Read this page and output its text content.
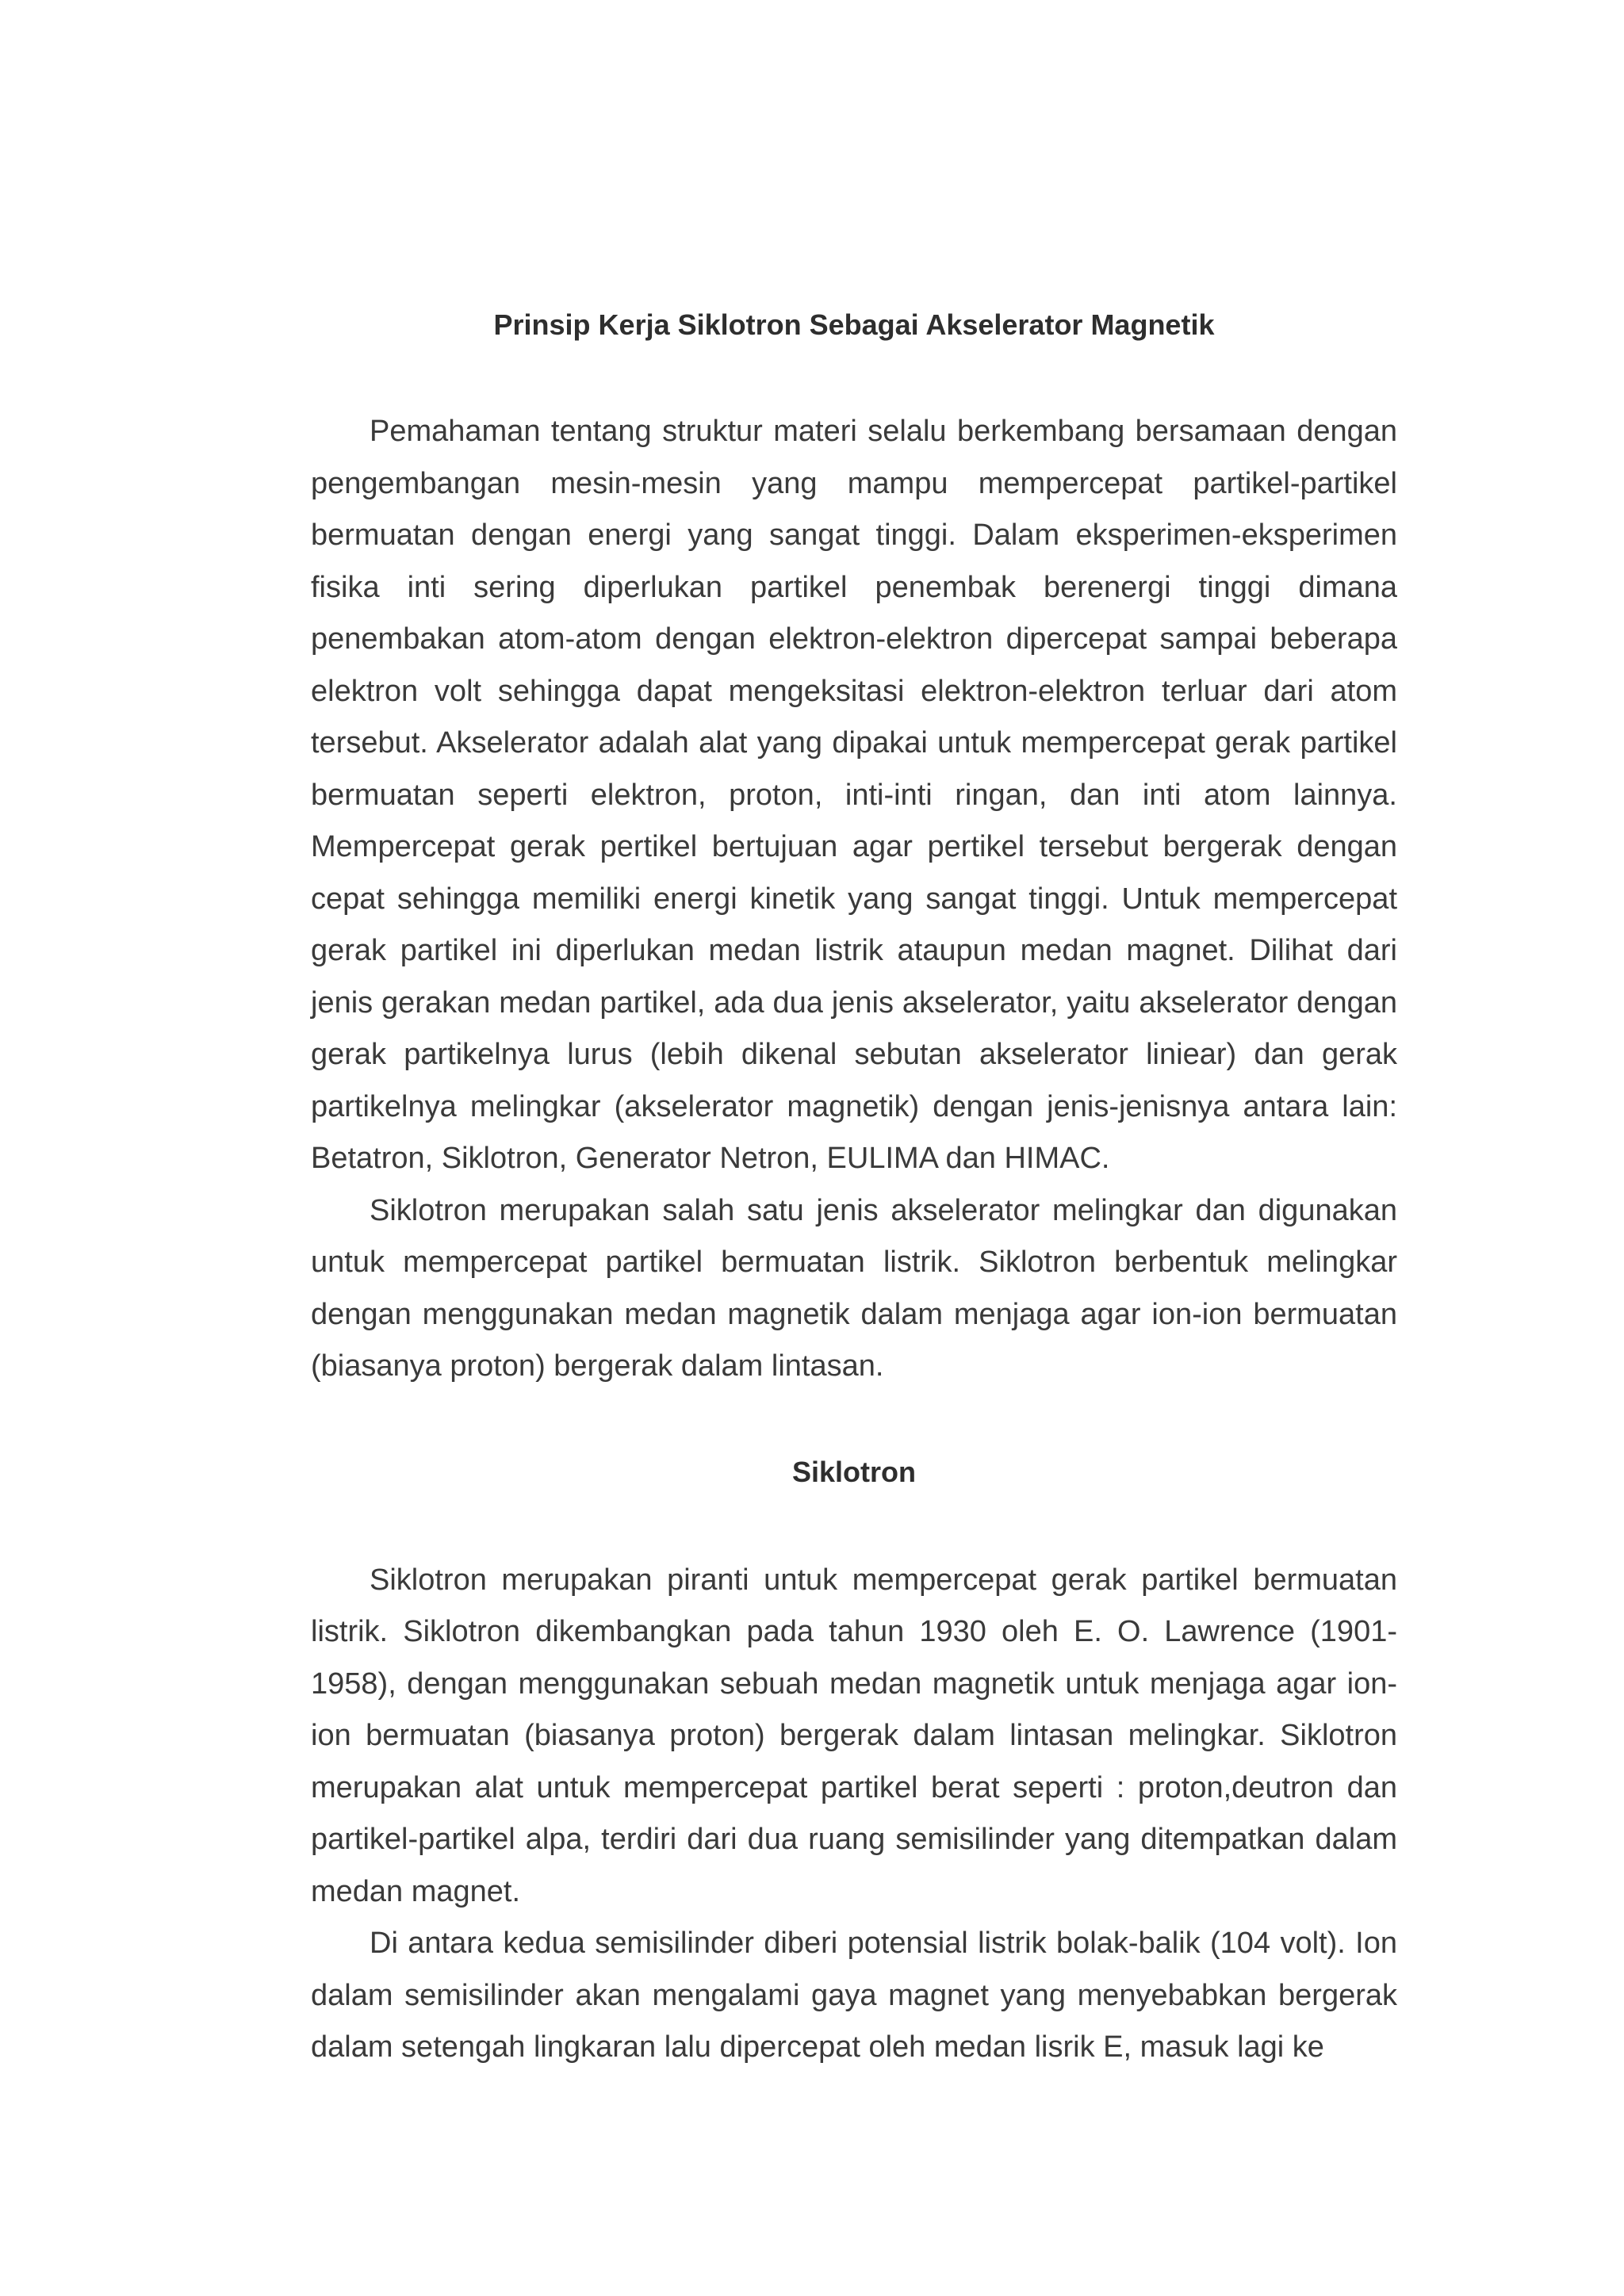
Prinsip Kerja Siklotron Sebagai Akselerator Magnetik

Pemahaman tentang struktur materi selalu berkembang bersamaan dengan pengembangan mesin-mesin yang mampu mempercepat partikel-partikel bermuatan dengan energi yang sangat tinggi. Dalam eksperimen-eksperimen fisika inti sering diperlukan partikel penembak berenergi tinggi dimana penembakan atom-atom dengan elektron-elektron dipercepat sampai beberapa elektron volt sehingga dapat mengeksitasi elektron-elektron terluar dari atom tersebut. Akselerator adalah alat yang dipakai untuk mempercepat gerak partikel bermuatan seperti elektron, proton, inti-inti ringan, dan inti atom lainnya. Mempercepat gerak pertikel bertujuan agar pertikel tersebut bergerak dengan cepat sehingga memiliki energi kinetik yang sangat tinggi. Untuk mempercepat gerak partikel ini diperlukan medan listrik ataupun medan magnet. Dilihat dari jenis gerakan medan partikel, ada dua jenis akselerator, yaitu akselerator dengan gerak partikelnya lurus (lebih dikenal sebutan akselerator liniear) dan gerak partikelnya melingkar (akselerator magnetik) dengan jenis-jenisnya antara lain: Betatron, Siklotron, Generator Netron, EULIMA dan HIMAC.

Siklotron merupakan salah satu jenis akselerator melingkar dan digunakan untuk mempercepat partikel bermuatan listrik. Siklotron berbentuk melingkar dengan menggunakan medan magnetik dalam menjaga agar ion-ion bermuatan (biasanya proton) bergerak dalam lintasan.

Siklotron

Siklotron merupakan piranti untuk mempercepat gerak partikel bermuatan listrik. Siklotron dikembangkan pada tahun 1930 oleh E. O. Lawrence (1901-1958), dengan menggunakan sebuah medan magnetik untuk menjaga agar ion-ion bermuatan (biasanya proton) bergerak dalam lintasan melingkar. Siklotron merupakan alat untuk mempercepat partikel berat seperti : proton,deutron dan partikel-partikel alpa, terdiri dari dua ruang semisilinder yang ditempatkan dalam medan magnet.

Di antara kedua semisilinder diberi potensial listrik bolak-balik (104 volt). Ion dalam semisilinder akan mengalami gaya magnet yang menyebabkan bergerak dalam setengah lingkaran lalu dipercepat oleh medan lisrik E, masuk lagi ke
